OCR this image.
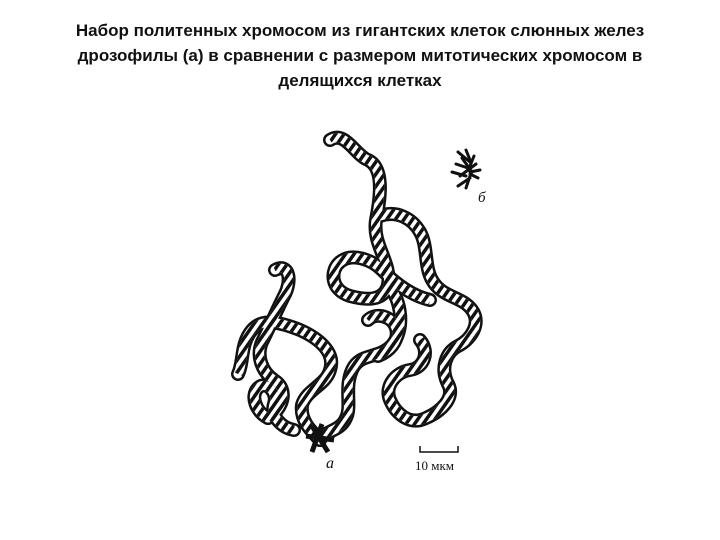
Набор политенных хромосом из гигантских клеток слюнных желез
дрозофилы (а) в сравнении с размером митотических хромосом в
делящихся клетках
б
а	10 мкм
